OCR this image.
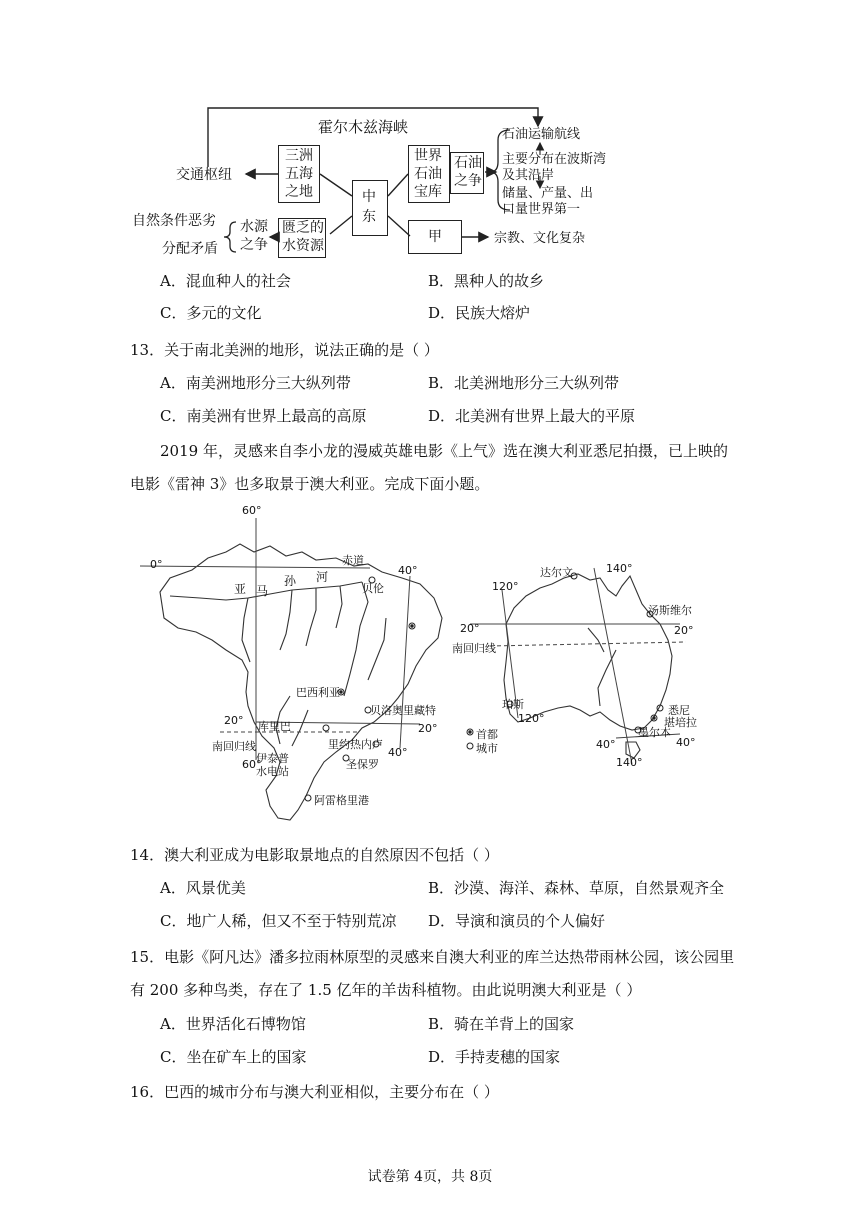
霍尔木兹海峡
交通枢纽
三洲五海之地	中东
世界石油宝库
石油之争
石油运输航线
主要分布在波斯湾及其沿岸
储量、产量、出口量世界第一
自然条件恶劣
分配矛盾
水源之争
匮乏的水资源
甲	宗教、文化复杂
A．混血种人的社会	B．黑种人的故乡
C．多元的文化	D．民族大熔炉
13．关于南北美洲的地形，说法正确的是（ ）
A．南美洲地形分三大纵列带	B．北美洲地形分三大纵列带
C．南美洲有世界上最高的高原	D．北美洲有世界上最大的平原
2019 年，灵感来自李小龙的漫威英雄电影《上气》选在澳大利亚悉尼拍摄，已上映的
电影《雷神 3》也多取景于澳大利亚。完成下面小题。
60°
0°	赤道
40°
亚 马
孙 河
贝伦
巴西利亚
贝洛奥里藏特
20°
20°
库里巴
南回归线	里约热内卢
60°
40°
伊泰普水电站
圣保罗
阿雷格里港
达尔文	140°
120°
汤斯维尔
20°	20°
南回归线
珀斯
120°
悉尼
堪培拉
墨尔本
40°	40°
140°
首都
城市
14．澳大利亚成为电影取景地点的自然原因不包括（ ）
A．风景优美	B．沙漠、海洋、森林、草原，自然景观齐全
C．地广人稀，但又不至于特别荒凉 D．导演和演员的个人偏好
15．电影《阿凡达》潘多拉雨林原型的灵感来自澳大利亚的库兰达热带雨林公园，该公园里
有 200 多种鸟类，存在了 1.5 亿年的羊齿科植物。由此说明澳大利亚是（ ）
A．世界活化石博物馆	B．骑在羊背上的国家
C．坐在矿车上的国家	D．手持麦穗的国家
16．巴西的城市分布与澳大利亚相似，主要分布在（ ）
试卷第 4页，共 8页
